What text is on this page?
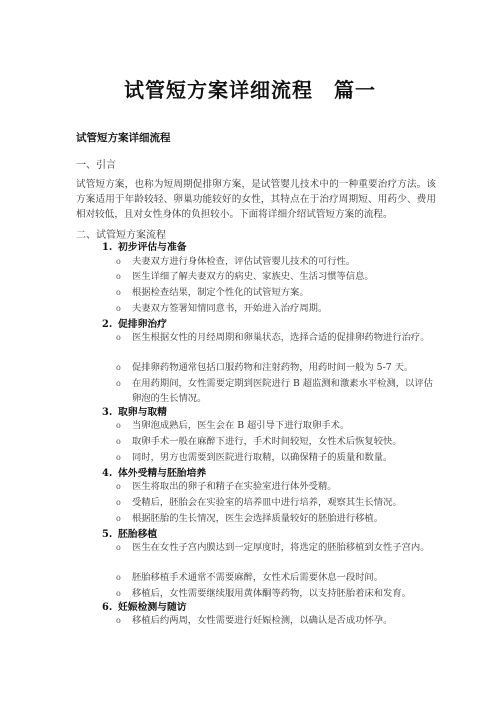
试管短方案详细流程　篇一
试管短方案详细流程
一、引言
试管短方案，也称为短周期促排卵方案，是试管婴儿技术中的一种重要治疗方法。该方案适用于年龄较轻、卵巢功能较好的女性，其特点在于治疗周期短、用药少、费用相对较低，且对女性身体的负担较小。下面将详细介绍试管短方案的流程。
二、试管短方案流程
1. 初步评估与准备
o 夫妻双方进行身体检查，评估试管婴儿技术的可行性。
o 医生详细了解夫妻双方的病史、家族史、生活习惯等信息。
o 根据检查结果，制定个性化的试管短方案。
o 夫妻双方签署知情同意书，开始进入治疗周期。
2. 促排卵治疗
o 医生根据女性的月经周期和卵巢状态，选择合适的促排卵药物进行治疗。
o 促排卵药物通常包括口服药物和注射药物，用药时间一般为 5-7 天。
o 在用药期间，女性需要定期到医院进行 B 超监测和激素水平检测，以评估卵泡的生长情况。
3. 取卵与取精
o 当卵泡成熟后，医生会在 B 超引导下进行取卵手术。
o 取卵手术一般在麻醉下进行，手术时间较短，女性术后恢复较快。
o 同时，男方也需要到医院进行取精，以确保精子的质量和数量。
4. 体外受精与胚胎培养
o 医生将取出的卵子和精子在实验室进行体外受精。
o 受精后，胚胎会在实验室的培养皿中进行培养，观察其生长情况。
o 根据胚胎的生长情况，医生会选择质量较好的胚胎进行移植。
5. 胚胎移植
o 医生在女性子宫内膜达到一定厚度时，将选定的胚胎移植到女性子宫内。
o 胚胎移植手术通常不需要麻醉，女性术后需要休息一段时间。
o 移植后，女性需要继续服用黄体酮等药物，以支持胚胎着床和发育。
6. 妊娠检测与随访
o 移植后约两周，女性需要进行妊娠检测，以确认是否成功怀孕。
